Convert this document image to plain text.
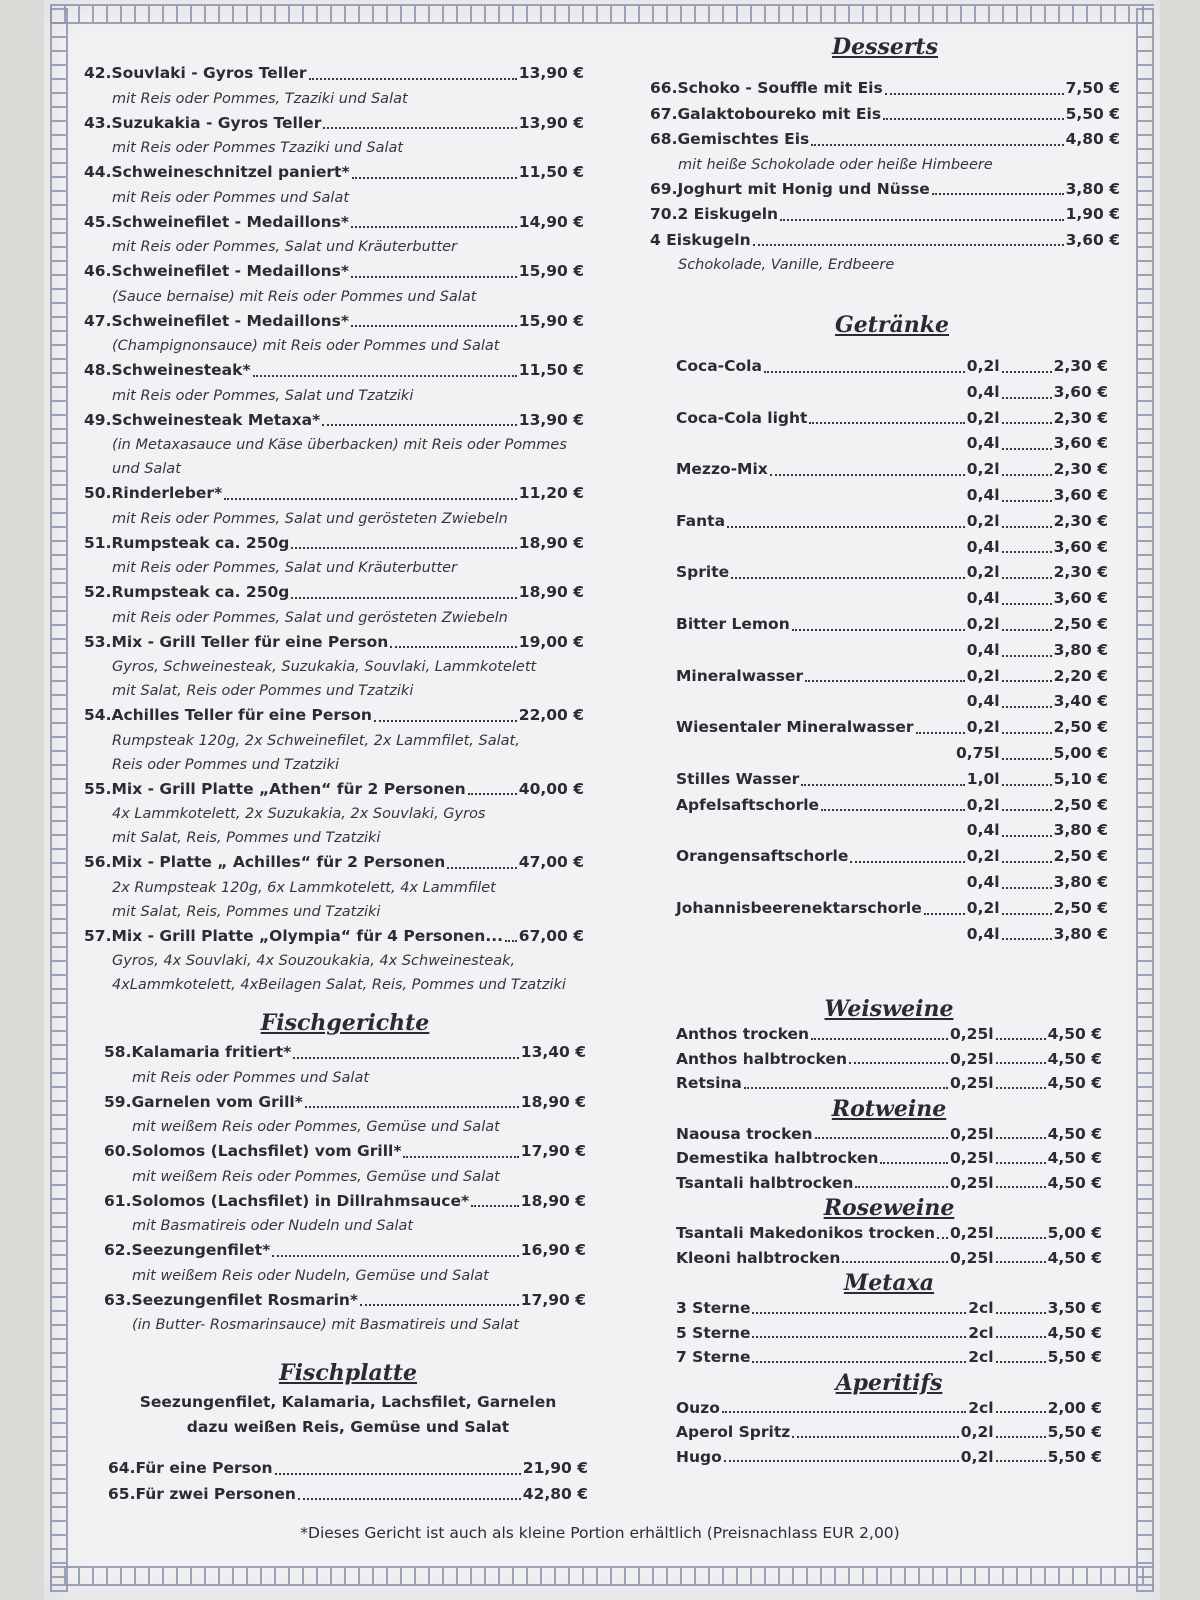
42.Souvlaki - Gyros Teller	13,90 €
mit Reis oder Pommes, Tzaziki und Salat
43.Suzukakia - Gyros Teller	13,90 €
mit Reis oder Pommes Tzaziki und Salat
44.Schweineschnitzel paniert*	11,50 €
mit Reis oder Pommes und Salat
45.Schweinefilet - Medaillons*	14,90 €
mit Reis oder Pommes, Salat und Kräuterbutter
46.Schweinefilet - Medaillons*	15,90 €
(Sauce bernaise) mit Reis oder Pommes und Salat
47.Schweinefilet - Medaillons*	15,90 €
(Champignonsauce) mit Reis oder Pommes und Salat
48.Schweinesteak*	11,50 €
mit Reis oder Pommes, Salat und Tzatziki
49.Schweinesteak Metaxa*	13,90 €
(in Metaxasauce und Käse überbacken) mit Reis oder Pommes
und Salat
50.Rinderleber*	11,20 €
mit Reis oder Pommes, Salat und gerösteten Zwiebeln
51.Rumpsteak ca. 250g	18,90 €
mit Reis oder Pommes, Salat und Kräuterbutter
52.Rumpsteak ca. 250g	18,90 €
mit Reis oder Pommes, Salat und gerösteten Zwiebeln
53.Mix - Grill Teller für eine Person	19,00 €
Gyros, Schweinesteak, Suzukakia, Souvlaki, Lammkotelett
mit Salat, Reis oder Pommes und Tzatziki
54.Achilles Teller für eine Person	22,00 €
Rumpsteak 120g, 2x Schweinefilet, 2x Lammfilet, Salat,
Reis oder Pommes und Tzatziki
55.Mix - Grill Platte „Athen“ für 2 Personen	40,00 €
4x Lammkotelett, 2x Suzukakia, 2x Souvlaki, Gyros
mit Salat, Reis, Pommes und Tzatziki
56.Mix - Platte „ Achilles“ für 2 Personen	47,00 €
2x Rumpsteak 120g, 6x Lammkotelett, 4x Lammfilet
mit Salat, Reis, Pommes und Tzatziki
57.Mix - Grill Platte „Olympia“ für 4 Personen... 67,00 €
Gyros, 4x Souvlaki, 4x Souzoukakia, 4x Schweinesteak,
4xLammkotelett, 4xBeilagen Salat, Reis, Pommes und Tzatziki
Fischgerichte
58.Kalamaria fritiert*	13,40 €
mit Reis oder Pommes und Salat
59.Garnelen vom Grill*	18,90 €
mit weißem Reis oder Pommes, Gemüse und Salat
60.Solomos (Lachsfilet) vom Grill*	17,90 €
mit weißem Reis oder Pommes, Gemüse und Salat
61.Solomos (Lachsfilet) in Dillrahmsauce*	18,90 €
mit Basmatireis oder Nudeln und Salat
62.Seezungenfilet*	16,90 €
mit weißem Reis oder Nudeln, Gemüse und Salat
63.Seezungenfilet Rosmarin*	17,90 €
(in Butter- Rosmarinsauce) mit Basmatireis und Salat
Fischplatte
Seezungenfilet, Kalamaria, Lachsfilet, Garnelen
dazu weißen Reis, Gemüse und Salat
64.Für eine Person	21,90 €
65.Für zwei Personen	42,80 €
Desserts
66.Schoko - Souffle mit Eis	7,50 €
67.Galaktoboureko mit Eis	5,50 €
68.Gemischtes Eis	4,80 €
mit heiße Schokolade oder heiße Himbeere
69.Joghurt mit Honig und Nüsse	3,80 €
70.2 Eiskugeln	1,90 €
4 Eiskugeln	3,60 €
Schokolade, Vanille, Erdbeere
Getränke
Coca-Cola	0,2l	2,30 €
0,4l	3,60 €
Coca-Cola light	0,2l	2,30 €
0,4l	3,60 €
Mezzo-Mix	0,2l	2,30 €
0,4l	3,60 €
Fanta	0,2l	2,30 €
0,4l	3,60 €
Sprite	0,2l	2,30 €
0,4l	3,60 €
Bitter Lemon	0,2l	2,50 €
0,4l	3,80 €
Mineralwasser	0,2l	2,20 €
0,4l	3,40 €
Wiesentaler Mineralwasser	0,2l	2,50 €
0,75l	5,00 €
Stilles Wasser	1,0l	5,10 €
Apfelsaftschorle	0,2l	2,50 €
0,4l	3,80 €
Orangensaftschorle	0,2l	2,50 €
0,4l	3,80 €
Johannisbeerenektarschorle	0,2l	2,50 €
0,4l	3,80 €
Weisweine
Anthos trocken	0,25l	4,50 €
Anthos halbtrocken	0,25l	4,50 €
Retsina	0,25l	4,50 €
Rotweine
Naousa trocken	0,25l	4,50 €
Demestika halbtrocken	0,25l	4,50 €
Tsantali halbtrocken	0,25l	4,50 €
Roseweine
Tsantali Makedonikos trocken 0,25l	5,00 €
Kleoni halbtrocken	0,25l	4,50 €
Metaxa
3 Sterne	2cl	3,50 €
5 Sterne	2cl	4,50 €
7 Sterne	2cl	5,50 €
Aperitifs
Ouzo	2cl	2,00 €
Aperol Spritz	0,2l	5,50 €
Hugo	0,2l	5,50 €
*Dieses Gericht ist auch als kleine Portion erhältlich (Preisnachlass EUR 2,00)
